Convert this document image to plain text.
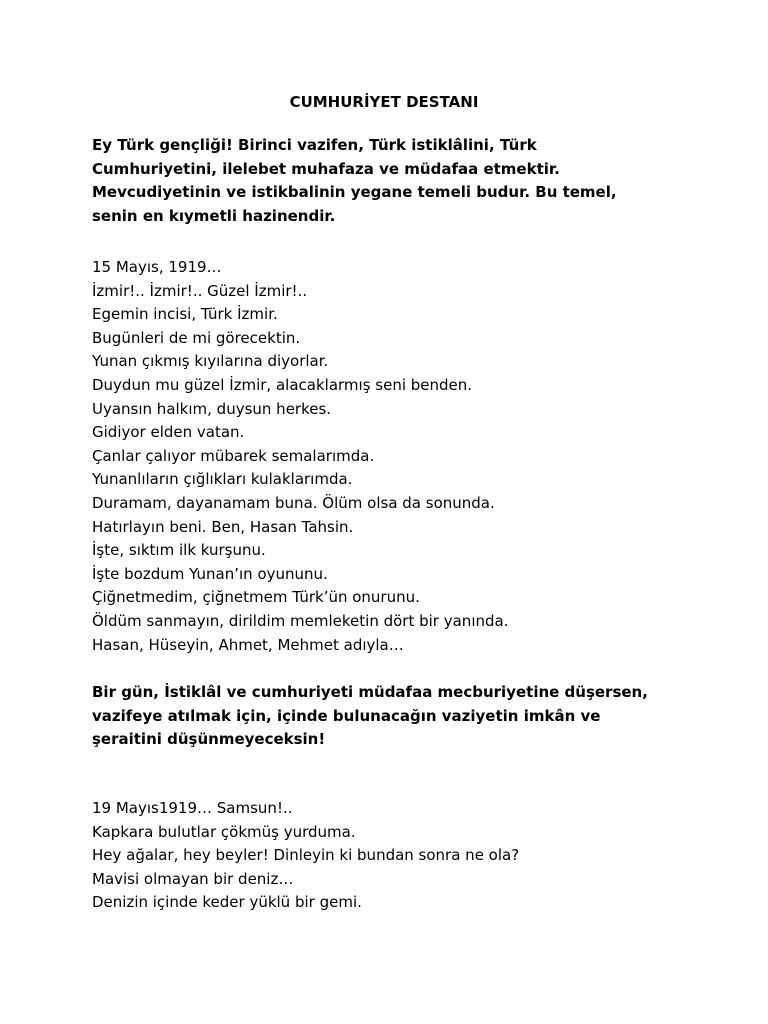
CUMHURİYET DESTANI
Ey Türk gençliği! Birinci vazifen, Türk istiklâlini, Türk
Cumhuriyetini, ilelebet muhafaza ve müdafaa etmektir.
Mevcudiyetinin ve istikbalinin yegane temeli budur. Bu temel,
senin en kıymetli hazinendir.
15 Mayıs, 1919…
İzmir!.. İzmir!.. Güzel İzmir!..
Egemin incisi, Türk İzmir.
Bugünleri de mi görecektin.
Yunan çıkmış kıyılarına diyorlar.
Duydun mu güzel İzmir, alacaklarmış seni benden.
Uyansın halkım, duysun herkes.
Gidiyor elden vatan.
Çanlar çalıyor mübarek semalarımda.
Yunanlıların çığlıkları kulaklarımda.
Duramam, dayanamam buna. Ölüm olsa da sonunda.
Hatırlayın beni. Ben, Hasan Tahsin.
İşte, sıktım ilk kurşunu.
İşte bozdum Yunan’ın oyununu.
Çiğnetmedim, çiğnetmem Türk’ün onurunu.
Öldüm sanmayın, dirildim memleketin dört bir yanında.
Hasan, Hüseyin, Ahmet, Mehmet adıyla…
Bir gün, İstiklâl ve cumhuriyeti müdafaa mecburiyetine düşersen,
vazifeye atılmak için, içinde bulunacağın vaziyetin imkân ve
şeraitini düşünmeyeceksin!
19 Mayıs1919… Samsun!..
Kapkara bulutlar çökmüş yurduma.
Hey ağalar, hey beyler! Dinleyin ki bundan sonra ne ola?
Mavisi olmayan bir deniz…
Denizin içinde keder yüklü bir gemi.
